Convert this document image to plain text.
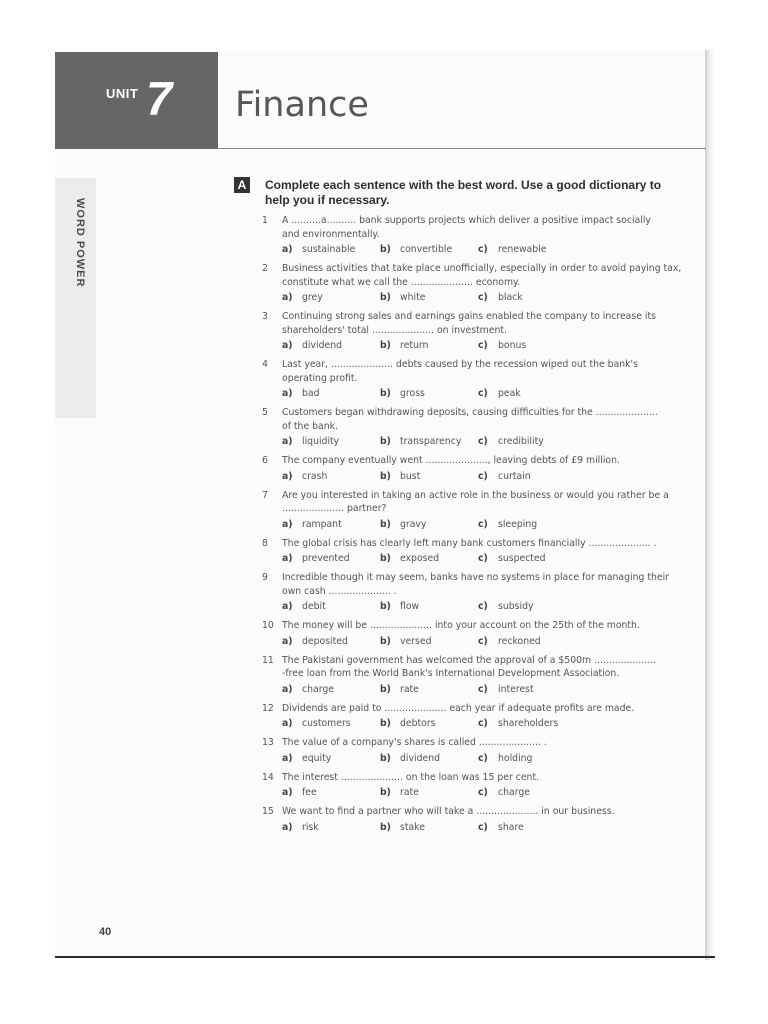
UNIT 7 Finance
WORD POWER
A	Complete each sentence with the best word. Use a good dictionary to help you if necessary.
1	A ..........a.......... bank supports projects which deliver a positive impact socially
and environmentally.
a)	sustainable	b) convertible	c)	renewable
2	Business activities that take place unofficially, especially in order to avoid paying tax,
constitute what we call the ..................... economy.
a)	grey	b) white	c)	black
3	Continuing strong sales and earnings gains enabled the company to increase its
shareholders' total ..................... on investment.
a)	dividend	b) return	c)	bonus
4	Last year, ..................... debts caused by the recession wiped out the bank's
operating profit.
a)	bad	b) gross	c)	peak
5	Customers began withdrawing deposits, causing difficulties for the .....................
of the bank.
a)	liquidity	b) transparency c)	credibility
6	The company eventually went ....................., leaving debts of £9 million.
a)	crash	b) bust	c)	curtain
7	Are you interested in taking an active role in the business or would you rather be a
..................... partner?
a)	rampant	b) gravy	c)	sleeping
8	The global crisis has clearly left many bank customers financially ..................... .
a)	prevented	b) exposed	c)	suspected
9	Incredible though it may seem, banks have no systems in place for managing their
own cash ..................... .
a)	debit	b) flow	c)	subsidy
10 The money will be ..................... into your account on the 25th of the month.
a)	deposited	b) versed	c)	reckoned
11 The Pakistani government has welcomed the approval of a $500m .....................
-free loan from the World Bank's International Development Association.
a)	charge	b) rate	c)	interest
12 Dividends are paid to ..................... each year if adequate profits are made.
a)	customers	b) debtors	c)	shareholders
13 The value of a company's shares is called ..................... .
a)	equity	b) dividend	c)	holding
14 The interest ..................... on the loan was 15 per cent.
a)	fee	b) rate	c)	charge
15 We want to find a partner who will take a ..................... in our business.
a)	risk	b) stake	c)	share
40
